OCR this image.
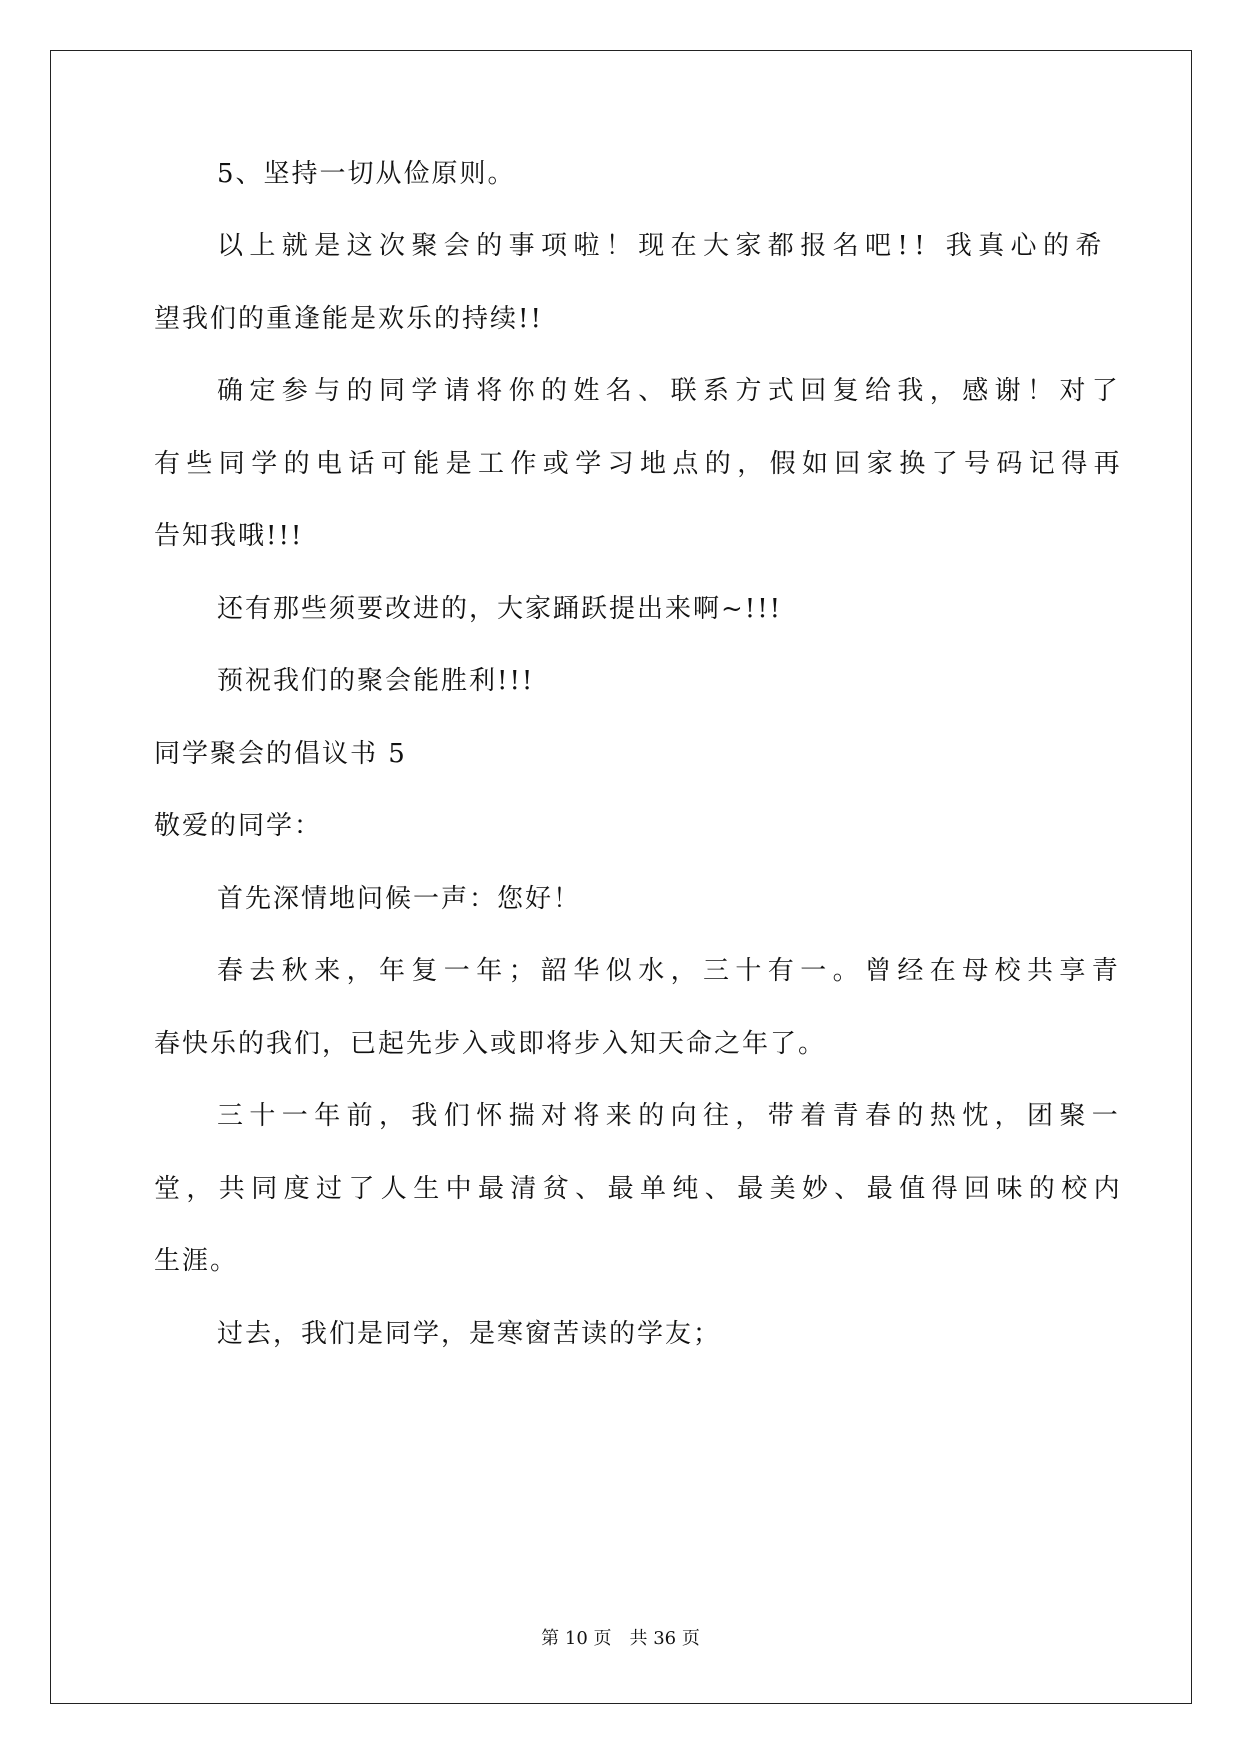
5、坚持一切从俭原则。
以上就是这次聚会的事项啦！现在大家都报名吧!! 我真心的希
望我们的重逢能是欢乐的持续!!
确定参与的同学请将你的姓名、联系方式回复给我，感谢！对了
有些同学的电话可能是工作或学习地点的，假如回家换了号码记得再
告知我哦!!!
还有那些须要改进的，大家踊跃提出来啊~!!!
预祝我们的聚会能胜利!!!
同学聚会的倡议书 5
敬爱的同学：
首先深情地问候一声：您好！
春去秋来，年复一年；韶华似水，三十有一。曾经在母校共享青
春快乐的我们，已起先步入或即将步入知天命之年了。
三十一年前，我们怀揣对将来的向往，带着青春的热忱，团聚一
堂，共同度过了人生中最清贫、最单纯、最美妙、最值得回味的校内
生涯。
过去，我们是同学，是寒窗苦读的学友；
第 10 页　共 36 页
